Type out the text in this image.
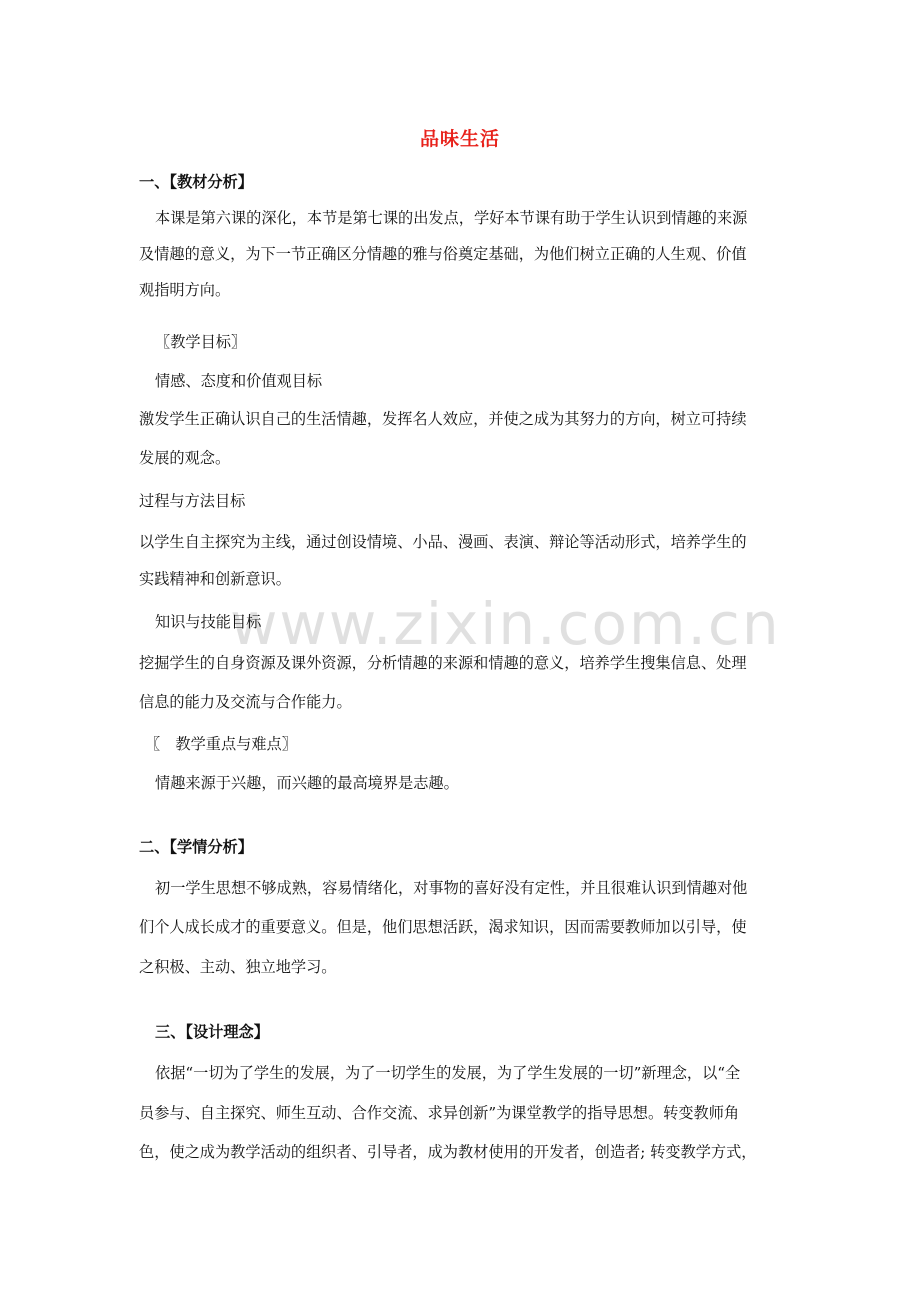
品味生活
www.zixin.com.cn
一、【教材分析】
本课是第六课的深化，本节是第七课的出发点，学好本节课有助于学生认识到情趣的来源
及情趣的意义，为下一节正确区分情趣的雅与俗奠定基础，为他们树立正确的人生观、价值
观指明方向。
〖教学目标〗
情感、态度和价值观目标
激发学生正确认识自己的生活情趣，发挥名人效应，并使之成为其努力的方向，树立可持续
发展的观念。
过程与方法目标
以学生自主探究为主线，通过创设情境、小品、漫画、表演、辩论等活动形式，培养学生的
实践精神和创新意识。
知识与技能目标
挖掘学生的自身资源及课外资源，分析情趣的来源和情趣的意义，培养学生搜集信息、处理
信息的能力及交流与合作能力。
〖　教学重点与难点〗
情趣来源于兴趣，而兴趣的最高境界是志趣。
二、【学情分析】
初一学生思想不够成熟，容易情绪化，对事物的喜好没有定性，并且很难认识到情趣对他
们个人成长成才的重要意义。但是，他们思想活跃，渴求知识，因而需要教师加以引导，使
之积极、主动、独立地学习。
三、【设计理念】
依据“一切为了学生的发展，为了一切学生的发展，为了学生发展的一切”新理念，以“全
员参与、自主探究、师生互动、合作交流、求异创新”为课堂教学的指导思想。转变教师角
色，使之成为教学活动的组织者、引导者，成为教材使用的开发者，创造者; 转变教学方式，
